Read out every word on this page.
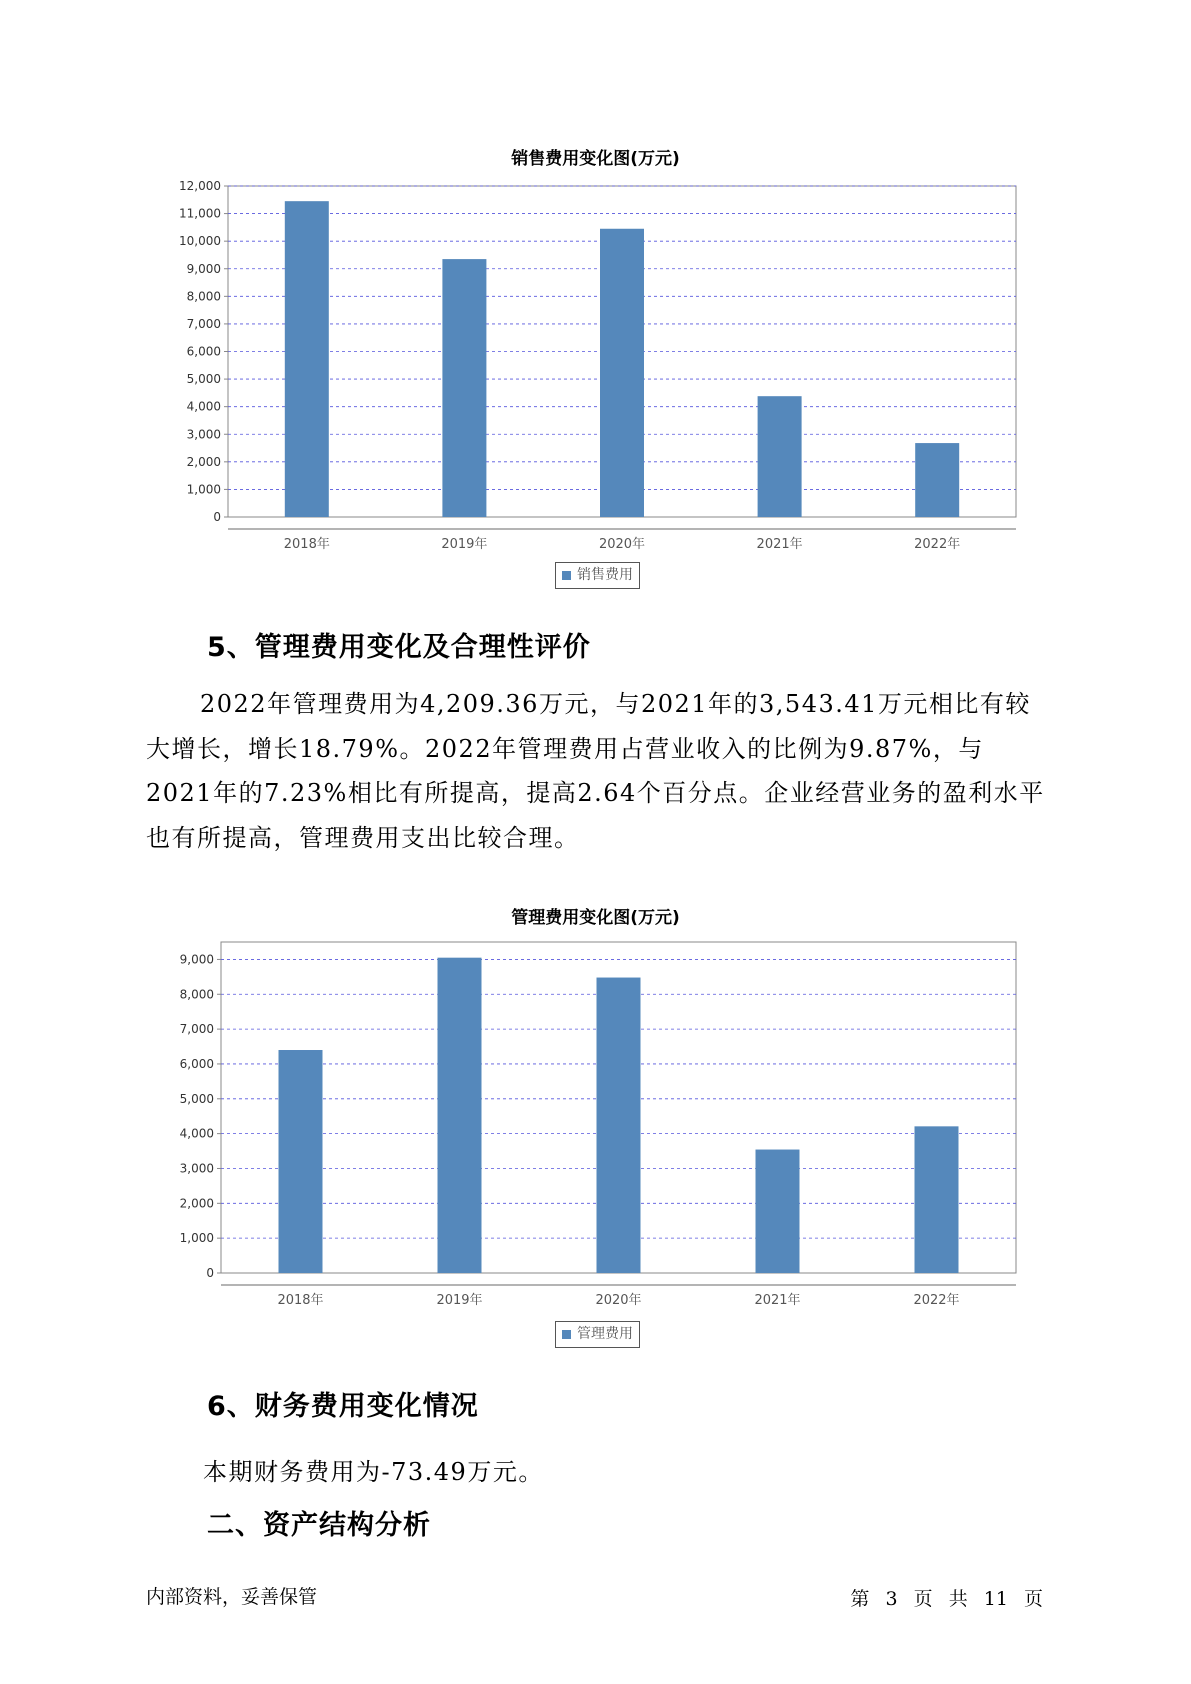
销售费用变化图(万元)
0
1,000
2,000
3,000
4,000
5,000
6,000
7,000
8,000
9,000
10,000
11,000
12,000
2018年	2019年	2020年	2021年	2022年
销售费用
5、管理费用变化及合理性评价

2022年管理费用为4,209.36万元，与2021年的3,543.41万元相比有较大增长，增长18.79%。2022年管理费用占营业收入的比例为9.87%，与2021年的7.23%相比有所提高，提高2.64个百分点。企业经营业务的盈利水平也有所提高，管理费用支出比较合理。

管理费用变化图(万元)
0
1,000
2,000
3,000
4,000
5,000
6,000
7,000
8,000
9,000
2018年	2019年	2020年	2021年	2022年
管理费用
6、财务费用变化情况
本期财务费用为-73.49万元。
二、资产结构分析
内部资料，妥善保管	第 3 页 共 11 页
